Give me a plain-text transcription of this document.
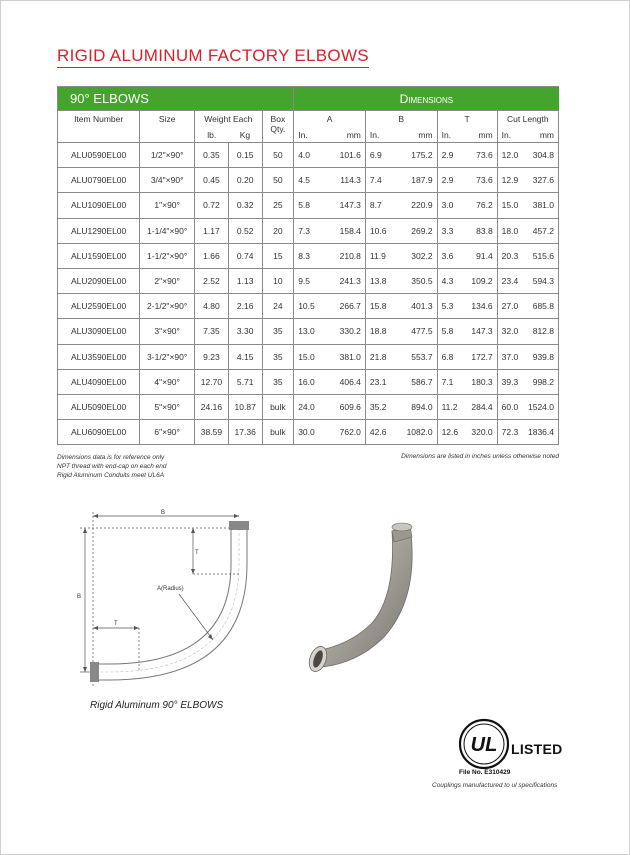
RIGID ALUMINUM FACTORY ELBOWS
90° ELBOWS					Dimensions							
Item Number	Size	Weight Each		Box Qty.	A		B		T		Cut Length	
		lb.	Kg		In.	mm	In.	mm	In.	mm	In.	mm
ALU0590EL00	1/2"×90°	0.35	0.15	50	4.0	101.6	6.9	175.2	2.9	73.6	12.0	304.8
ALU0790EL00	3/4"×90°	0.45	0.20	50	4.5	114.3	7.4	187.9	2.9	73.6	12.9	327.6
ALU1090EL00	1"×90°	0.72	0.32	25	5.8	147.3	8.7	220.9	3.0	76.2	15.0	381.0
ALU1290EL00	1-1/4"×90°	1.17	0.52	20	7.3	158.4	10.6	269.2	3.3	83.8	18.0	457.2
ALU1590EL00	1-1/2"×90°	1.66	0.74	15	8.3	210.8	11.9	302.2	3.6	91.4	20.3	515.6
ALU2090EL00	2"×90°	2.52	1.13	10	9.5	241.3	13.8	350.5	4.3	109.2	23.4	594.3
ALU2590EL00	2-1/2"×90°	4.80	2.16	24	10.5	266.7	15.8	401.3	5.3	134.6	27.0	685.8
ALU3090EL00	3"×90°	7.35	3.30	35	13.0	330.2	18.8	477.5	5.8	147.3	32.0	812.8
ALU3590EL00	3-1/2"×90°	9.23	4.15	35	15.0	381.0	21.8	553.7	6.8	172.7	37.0	939.8
ALU4090EL00	4"×90°	12.70	5.71	35	16.0	406.4	23.1	586.7	7.1	180.3	39.3	998.2
ALU5090EL00	5"×90°	24.16	10.87	bulk	24.0	609.6	35.2	894.0	11.2	284.4	60.0	1524.0
ALU6090EL00	6"×90°	38.59	17.36	bulk	30.0	762.0	42.6	1082.0	12.6	320.0	72.3	1836.4
Dimensions data is for reference only
NPT thread with end-cap on each end
Rigid Aluminum Conduits meet UL6A
Dimensions are listed in inches unless otherwise noted
B
B
T
T
A(Radius)
Rigid Aluminum 90° ELBOWS
UL LISTED
File No. E310429
Couplings manufactured to ul specifications
